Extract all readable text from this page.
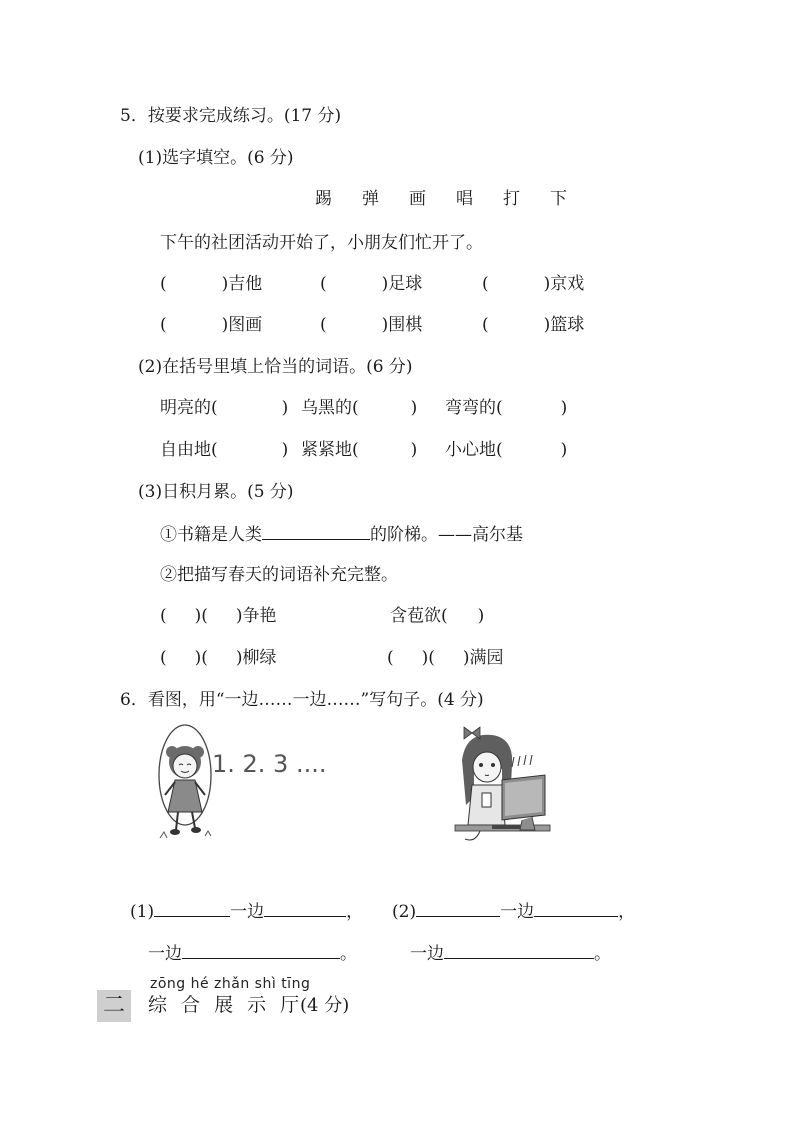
5．按要求完成练习。(17 分)
(1)选字填空。(6 分)
踢 弹 画 唱 打 下
下午的社团活动开始了，小朋友们忙开了。
(	)吉他	(	)足球	(	)京戏
(	)图画	(	)围棋	(	)篮球
(2)在括号里填上恰当的词语。(6 分)
明亮的(	) 乌黑的(	) 弯弯的(	)
自由地(	) 紧紧地(	) 小心地(	)
(3)日积月累。(5 分)
①书籍是人类	的阶梯。——高尔基
②把描写春天的词语补充完整。
( )( )争艳	含苞欲( )
( )( )柳绿	( )( )满园
6．看图，用“一边……一边……”写句子。(4 分)
1. 2. 3 ....
(1)	一边	， (2)	一边	，
一边	。	一边	。
zōng hé zhǎn shì tīng
二 综 合 展 示 厅
(4 分)
